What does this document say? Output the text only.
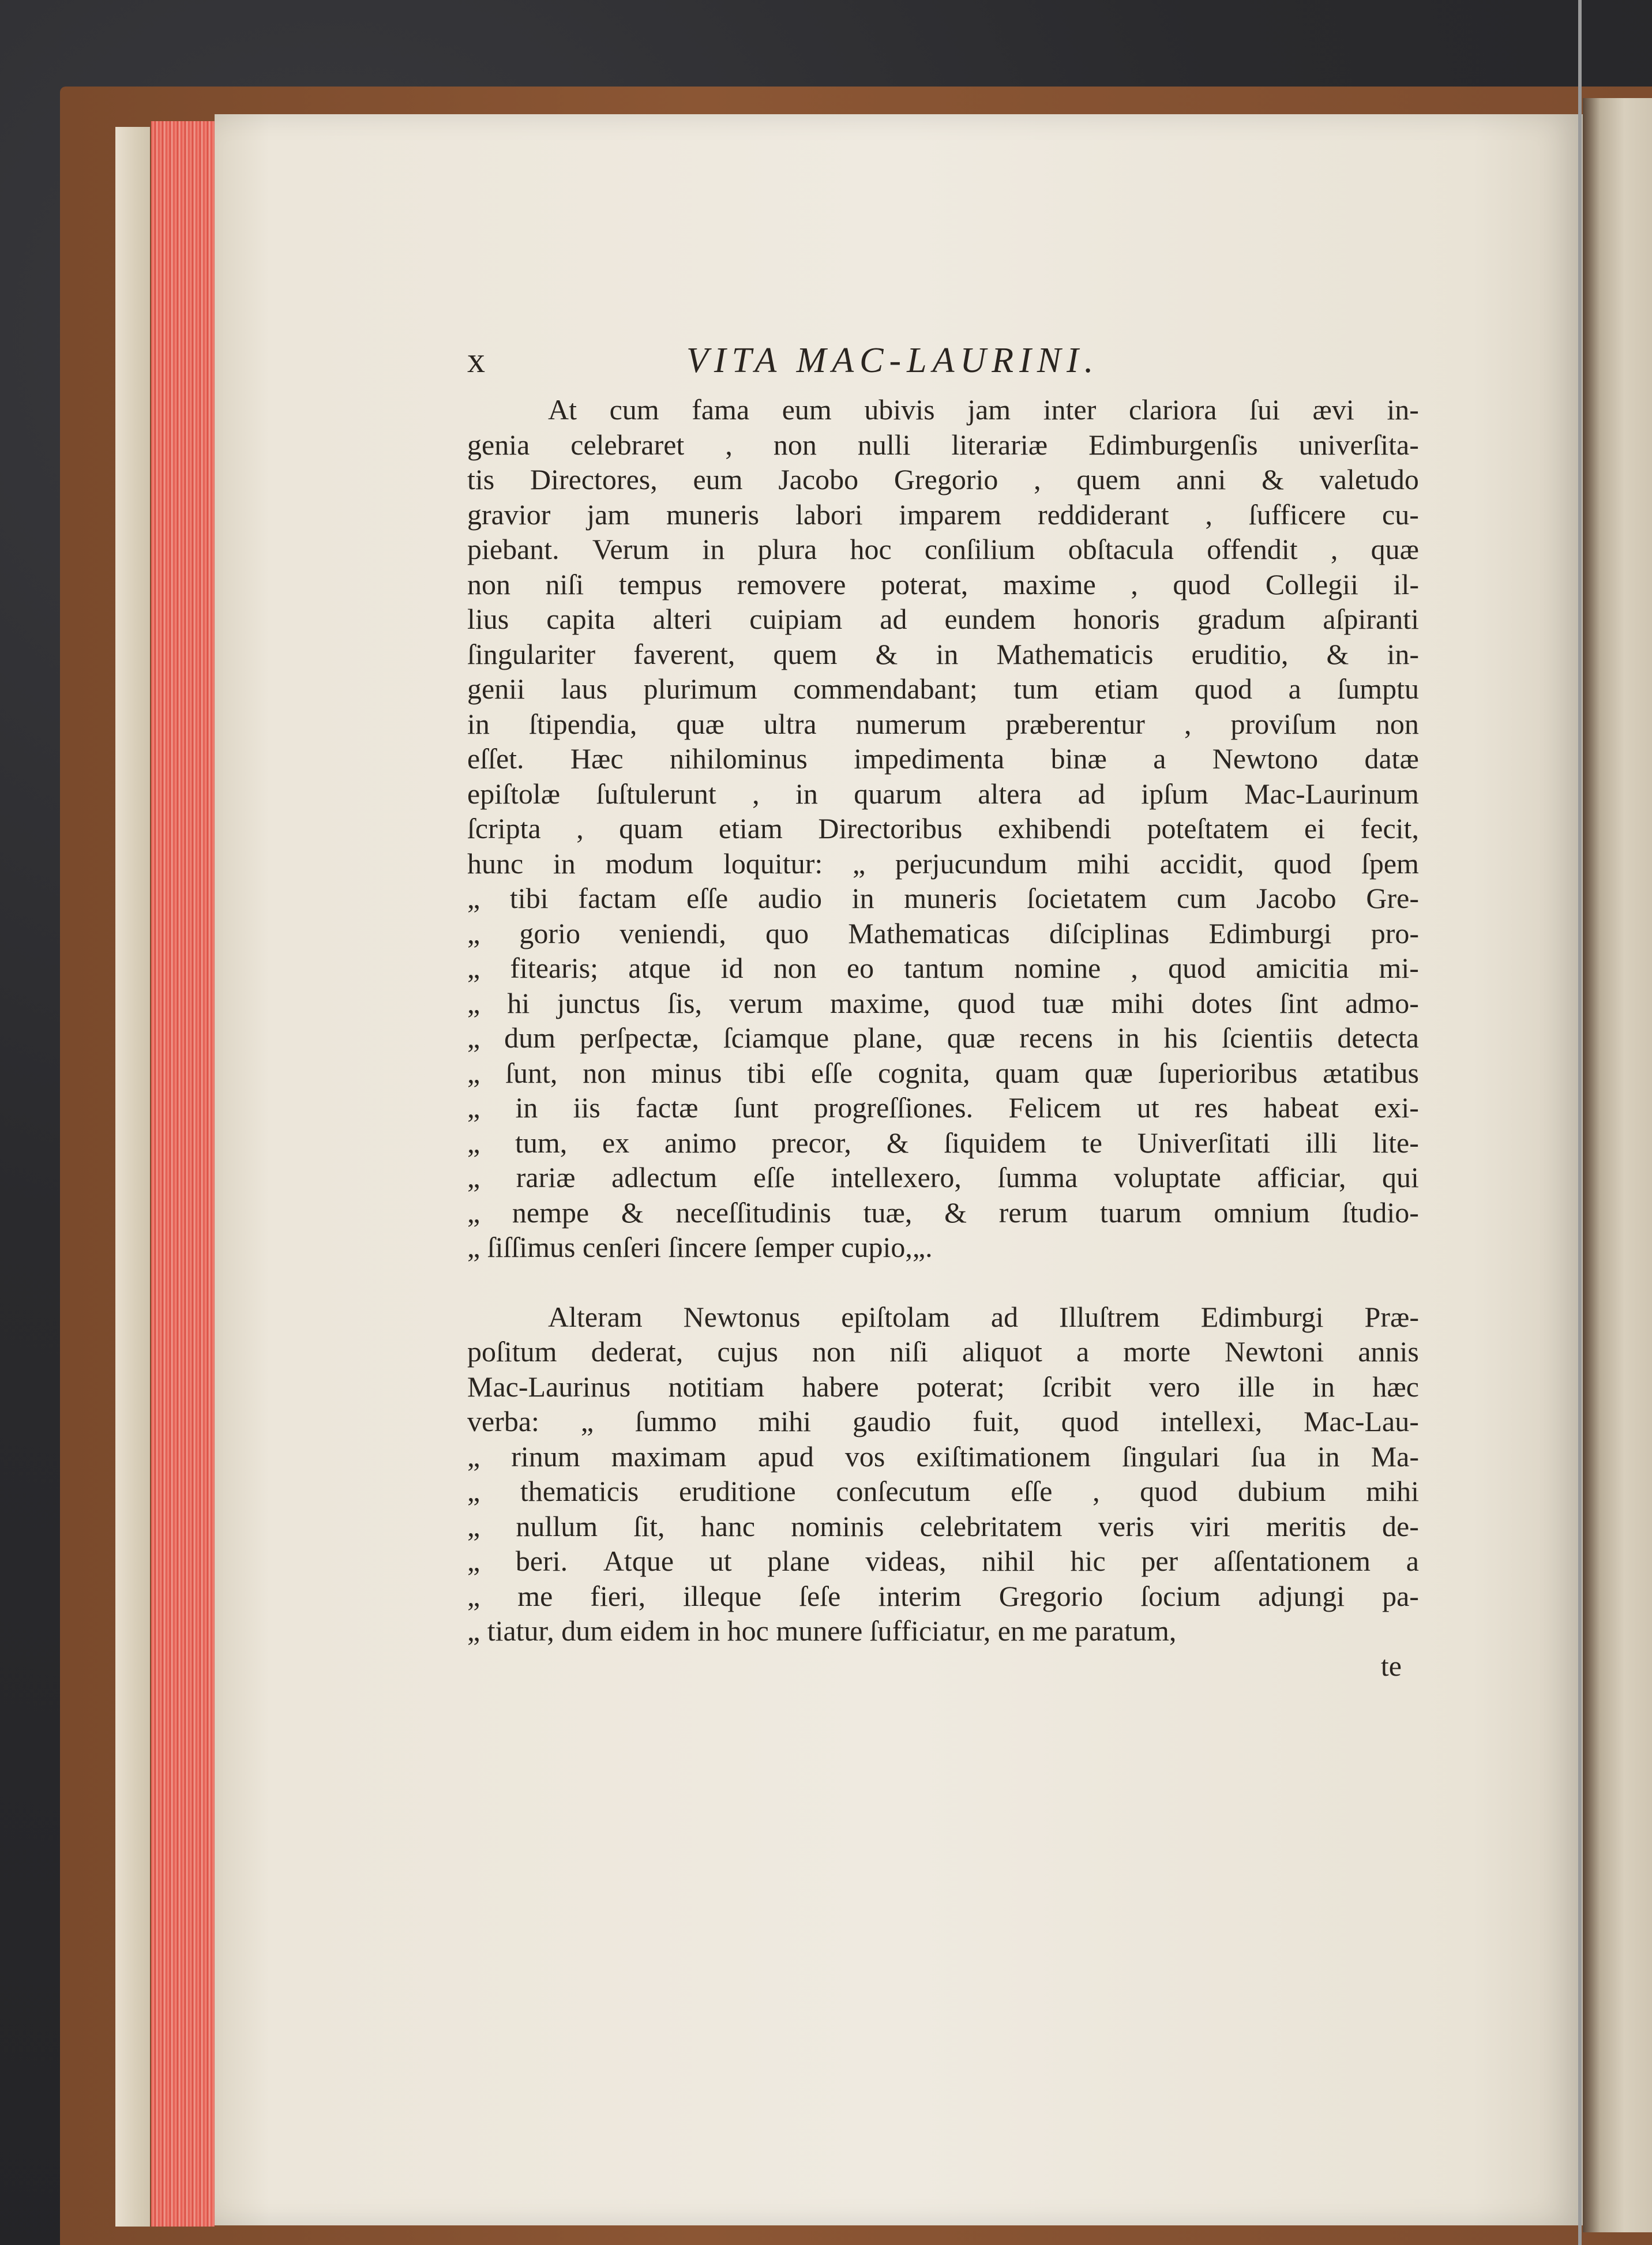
x	VITA MAC-LAURINI.
At cum fama eum ubivis jam inter clariora ſui ævi in-
genia celebraret , non nulli literariæ Edimburgenſis univerſita-
tis Directores, eum Jacobo Gregorio , quem anni & valetudo
gravior jam muneris labori imparem reddiderant , ſufficere cu-
piebant. Verum in plura hoc conſilium obſtacula offendit , quæ
non niſi tempus removere poterat, maxime , quod Collegii il-
lius capita alteri cuipiam ad eundem honoris gradum aſpiranti
ſingulariter faverent, quem & in Mathematicis eruditio, & in-
genii laus plurimum commendabant; tum etiam quod a ſumptu
in ſtipendia, quæ ultra numerum præberentur , proviſum non
eſſet. Hæc nihilominus impedimenta binæ a Newtono datæ
epiſtolæ ſuſtulerunt , in quarum altera ad ipſum Mac-Laurinum
ſcripta , quam etiam Directoribus exhibendi poteſtatem ei fecit,
hunc in modum loquitur: „ perjucundum mihi accidit, quod ſpem
„ tibi factam eſſe audio in muneris ſocietatem cum Jacobo Gre-
„ gorio veniendi, quo Mathematicas diſciplinas Edimburgi pro-
„ fitearis; atque id non eo tantum nomine , quod amicitia mi-
„ hi junctus ſis, verum maxime, quod tuæ mihi dotes ſint admo-
„ dum perſpectæ, ſciamque plane, quæ recens in his ſcientiis detecta
„ ſunt, non minus tibi eſſe cognita, quam quæ ſuperioribus ætatibus
„ in iis factæ ſunt progreſſiones. Felicem ut res habeat exi-
„ tum, ex animo precor, & ſiquidem te Univerſitati illi lite-
„ rariæ adlectum eſſe intellexero, ſumma voluptate afficiar, qui
„ nempe & neceſſitudinis tuæ, & rerum tuarum omnium ſtudio-
„ ſiſſimus cenſeri ſincere ſemper cupio,„.
Alteram Newtonus epiſtolam ad Illuſtrem Edimburgi Præ-
poſitum dederat, cujus non niſi aliquot a morte Newtoni annis
Mac-Laurinus notitiam habere poterat; ſcribit vero ille in hæc
verba: „ ſummo mihi gaudio fuit, quod intellexi, Mac-Lau-
„ rinum maximam apud vos exiſtimationem ſingulari ſua in Ma-
„ thematicis eruditione conſecutum eſſe , quod dubium mihi
„ nullum ſit, hanc nominis celebritatem veris viri meritis de-
„ beri. Atque ut plane videas, nihil hic per aſſentationem a
„ me fieri, illeque ſeſe interim Gregorio ſocium adjungi pa-
„ tiatur, dum eidem in hoc munere ſufficiatur, en me paratum,
te
